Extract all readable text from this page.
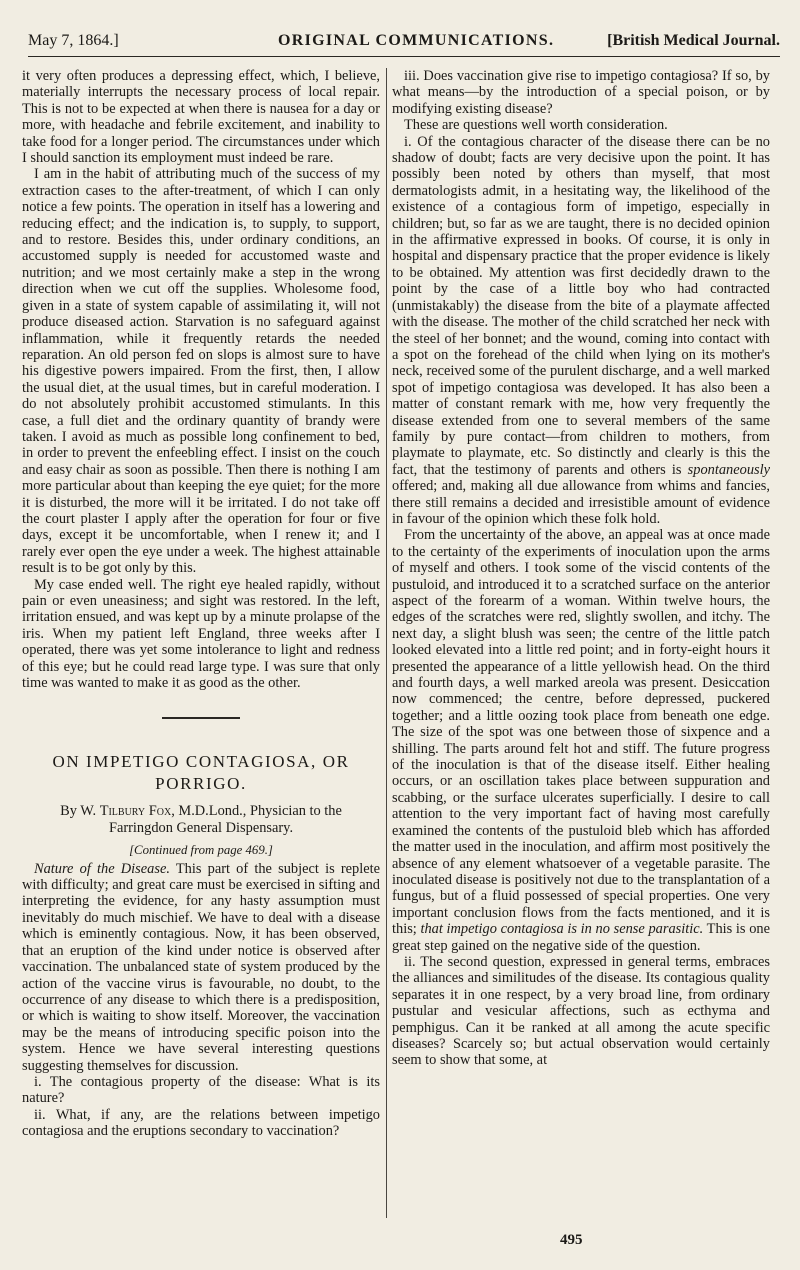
May 7, 1864.]	ORIGINAL COMMUNICATIONS.	[British Medical Journal.

it very often produces a depressing effect, which, I believe, materially interrupts the necessary process of local repair. This is not to be expected at when there is nausea for a day or more, with headache and febrile excitement, and inability to take food for a longer period. The circumstances under which I should sanction its employment must indeed be rare.

I am in the habit of attributing much of the success of my extraction cases to the after-treatment, of which I can only notice a few points. The operation in itself has a lowering and reducing effect; and the indication is, to supply, to support, and to restore. Besides this, under ordinary conditions, an accustomed supply is needed for accustomed waste and nutrition; and we most certainly make a step in the wrong direction when we cut off the supplies. Wholesome food, given in a state of system capable of assimilating it, will not produce diseased action. Starvation is no safeguard against inflammation, while it frequently retards the needed reparation. An old person fed on slops is almost sure to have his digestive powers impaired. From the first, then, I allow the usual diet, at the usual times, but in careful moderation. I do not absolutely prohibit accustomed stimulants. In this case, a full diet and the ordinary quantity of brandy were taken. I avoid as much as possible long confinement to bed, in order to prevent the enfeebling effect. I insist on the couch and easy chair as soon as possible. Then there is nothing I am more particular about than keeping the eye quiet; for the more it is disturbed, the more will it be irritated. I do not take off the court plaster I apply after the operation for four or five days, except it be uncomfortable, when I renew it; and I rarely ever open the eye under a week. The highest attainable result is to be got only by this.

My case ended well. The right eye healed rapidly, without pain or even uneasiness; and sight was restored. In the left, irritation ensued, and was kept up by a minute prolapse of the iris. When my patient left England, three weeks after I operated, there was yet some intolerance to light and redness of this eye; but he could read large type. I was sure that only time was wanted to make it as good as the other.

ON IMPETIGO CONTAGIOSA, OR PORRIGO.

By W. Tilbury Fox, M.D.Lond., Physician to the Farringdon General Dispensary.

[Continued from page 469.]

Nature of the Disease. This part of the subject is replete with difficulty; and great care must be exercised in sifting and interpreting the evidence, for any hasty assumption must inevitably do much mischief. We have to deal with a disease which is eminently contagious. Now, it has been observed, that an eruption of the kind under notice is observed after vaccination. The unbalanced state of system produced by the action of the vaccine virus is favourable, no doubt, to the occurrence of any disease to which there is a predisposition, or which is waiting to show itself. Moreover, the vaccination may be the means of introducing specific poison into the system. Hence we have several interesting questions suggesting themselves for discussion.

i. The contagious property of the disease: What is its nature?

ii. What, if any, are the relations between impetigo contagiosa and the eruptions secondary to vaccination?

iii. Does vaccination give rise to impetigo contagiosa? If so, by what means—by the introduction of a special poison, or by modifying existing disease?

These are questions well worth consideration.

i. Of the contagious character of the disease there can be no shadow of doubt; facts are very decisive upon the point. It has possibly been noted by others than myself, that most dermatologists admit, in a hesitating way, the likelihood of the existence of a contagious form of impetigo, especially in children; but, so far as we are taught, there is no decided opinion in the affirmative expressed in books. Of course, it is only in hospital and dispensary practice that the proper evidence is likely to be obtained. My attention was first decidedly drawn to the point by the case of a little boy who had contracted (unmistakably) the disease from the bite of a playmate affected with the disease. The mother of the child scratched her neck with the steel of her bonnet; and the wound, coming into contact with a spot on the forehead of the child when lying on its mother's neck, received some of the purulent discharge, and a well marked spot of impetigo contagiosa was developed. It has also been a matter of constant remark with me, how very frequently the disease extended from one to several members of the same family by pure contact—from children to mothers, from playmate to playmate, etc. So distinctly and clearly is this the fact, that the testimony of parents and others is spontaneously offered; and, making all due allowance from whims and fancies, there still remains a decided and irresistible amount of evidence in favour of the opinion which these folk hold.

From the uncertainty of the above, an appeal was at once made to the certainty of the experiments of inoculation upon the arms of myself and others. I took some of the viscid contents of the pustuloid, and introduced it to a scratched surface on the anterior aspect of the forearm of a woman. Within twelve hours, the edges of the scratches were red, slightly swollen, and itchy. The next day, a slight blush was seen; the centre of the little patch looked elevated into a little red point; and in forty-eight hours it presented the appearance of a little yellowish head. On the third and fourth days, a well marked areola was present. Desiccation now commenced; the centre, before depressed, puckered together; and a little oozing took place from beneath one edge. The size of the spot was one between those of sixpence and a shilling. The parts around felt hot and stiff. The future progress of the inoculation is that of the disease itself. Either healing occurs, or an oscillation takes place between suppuration and scabbing, or the surface ulcerates superficially. I desire to call attention to the very important fact of having most carefully examined the contents of the pustuloid bleb which has afforded the matter used in the inoculation, and affirm most positively the absence of any element whatsoever of a vegetable parasite. The inoculated disease is positively not due to the transplantation of a fungus, but of a fluid possessed of special properties. One very important conclusion flows from the facts mentioned, and it is this; that impetigo contagiosa is in no sense parasitic. This is one great step gained on the negative side of the question.

ii. The second question, expressed in general terms, embraces the alliances and similitudes of the disease. Its contagious quality separates it in one respect, by a very broad line, from ordinary pustular and vesicular affections, such as ecthyma and pemphigus. Can it be ranked at all among the acute specific diseases? Scarcely so; but actual observation would certainly seem to show that some, at

495
